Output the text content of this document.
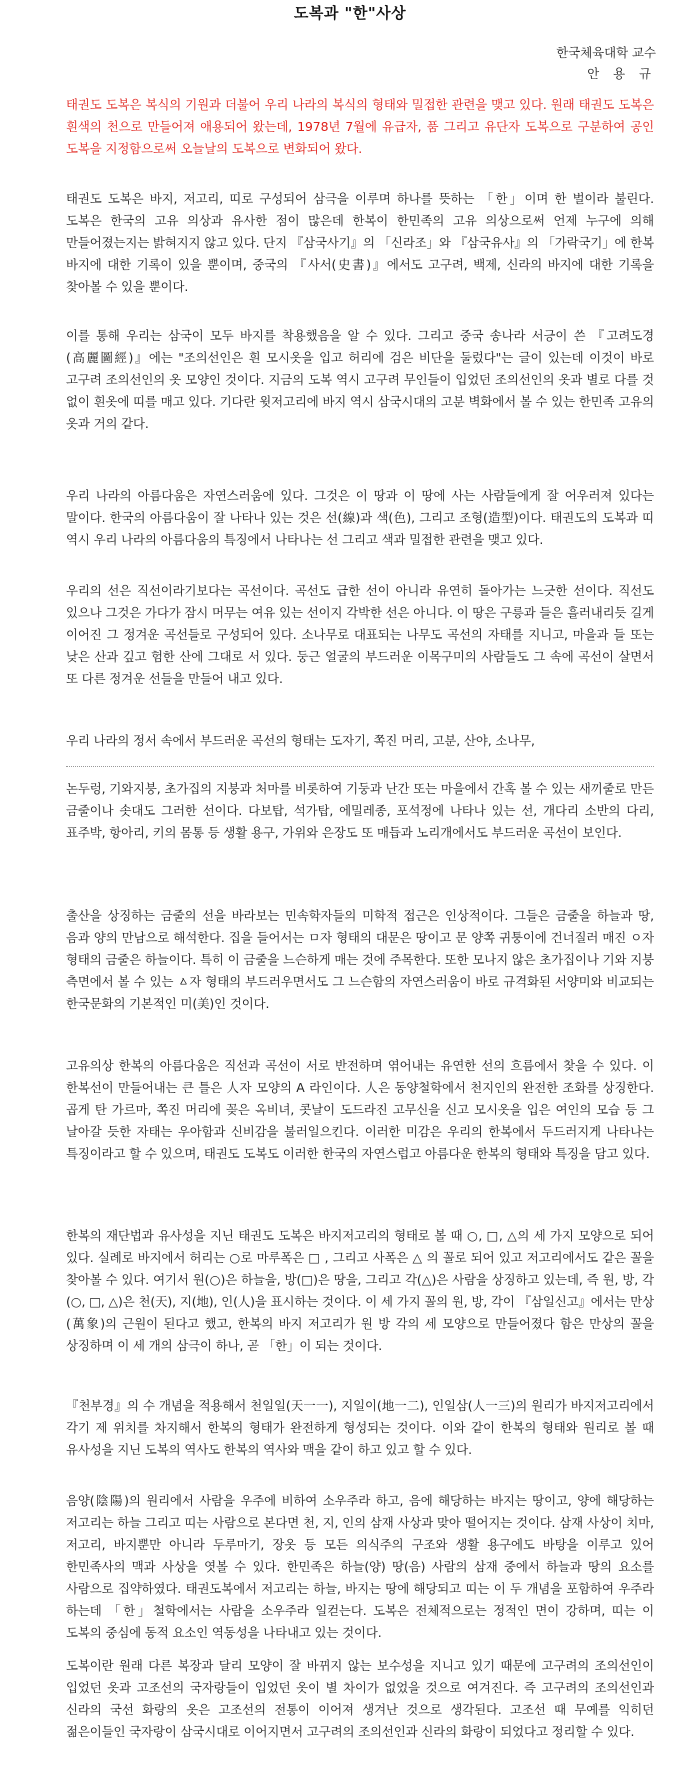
도복과 "한"사상
한국체육대학 교수
안 용 규

태권도 도복은 복식의 기원과 더불어 우리 나라의 복식의 형태와 밀접한 관련을 맺고 있다. 원래 태권도 도복은 흰색의 천으로 만들어져 애용되어 왔는데, 1978년 7월에 유급자, 품 그리고 유단자 도복으로 구분하여 공인 도복을 지정함으로써 오늘날의 도복으로 변화되어 왔다.

태권도 도복은 바지, 저고리, 띠로 구성되어 삼극을 이루며 하나를 뜻하는 「한」이며 한 벌이라 불린다. 도복은 한국의 고유 의상과 유사한 점이 많은데 한복이 한민족의 고유 의상으로써 언제 누구에 의해 만들어졌는지는 밝혀지지 않고 있다. 단지 『삼국사기』의 「신라조」와 『삼국유사』의 「가락국기」에 한복 바지에 대한 기록이 있을 뿐이며, 중국의 『사서(史書)』에서도 고구려, 백제, 신라의 바지에 대한 기록을 찾아볼 수 있을 뿐이다.

이를 통해 우리는 삼국이 모두 바지를 착용했음을 알 수 있다. 그리고 중국 송나라 서긍이 쓴 『고려도경(高麗圖經)』에는 "조의선인은 흰 모시옷을 입고 허리에 검은 비단을 둘렀다"는 글이 있는데 이것이 바로 고구려 조의선인의 옷 모양인 것이다. 지금의 도복 역시 고구려 무인들이 입었던 조의선인의 옷과 별로 다를 것 없이 흰옷에 띠를 매고 있다. 기다란 윗저고리에 바지 역시 삼국시대의 고분 벽화에서 볼 수 있는 한민족 고유의 옷과 거의 같다.

우리 나라의 아름다움은 자연스러움에 있다. 그것은 이 땅과 이 땅에 사는 사람들에게 잘 어우러져 있다는 말이다. 한국의 아름다움이 잘 나타나 있는 것은 선(線)과 색(色), 그리고 조형(造型)이다. 태권도의 도복과 띠 역시 우리 나라의 아름다움의 특징에서 나타나는 선 그리고 색과 밀접한 관련을 맺고 있다.

우리의 선은 직선이라기보다는 곡선이다. 곡선도 급한 선이 아니라 유연히 돌아가는 느긋한 선이다. 직선도 있으나 그것은 가다가 잠시 머무는 여유 있는 선이지 각박한 선은 아니다. 이 땅은 구릉과 들은 흘러내리듯 길게 이어진 그 정겨운 곡선들로 구성되어 있다. 소나무로 대표되는 나무도 곡선의 자태를 지니고, 마을과 들 또는 낮은 산과 깊고 험한 산에 그대로 서 있다. 둥근 얼굴의 부드러운 이목구미의 사람들도 그 속에 곡선이 살면서 또 다른 정겨운 선들을 만들어 내고 있다.

우리 나라의 정서 속에서 부드러운 곡선의 형태는 도자기, 쪽진 머리, 고분, 산야, 소나무,

논두렁, 기와지붕, 초가집의 지붕과 처마를 비롯하여 기둥과 난간 또는 마을에서 간혹 볼 수 있는 새끼줄로 만든 금줄이나 솟대도 그러한 선이다. 다보탑, 석가탑, 에밀레종, 포석정에 나타나 있는 선, 개다리 소반의 다리, 표주박, 항아리, 키의 몸통 등 생활 용구, 가위와 은장도 또 매듭과 노리개에서도 부드러운 곡선이 보인다.

출산을 상징하는 금줄의 선을 바라보는 민속학자들의 미학적 접근은 인상적이다. 그들은 금줄을 하늘과 땅, 음과 양의 만남으로 해석한다. 집을 들어서는 ㅁ자 형태의 대문은 땅이고 문 양쪽 귀퉁이에 건너질러 매진 ㅇ자 형태의 금줄은 하늘이다. 특히 이 금줄을 느슨하게 매는 것에 주목한다. 또한 모나지 않은 초가집이나 기와 지붕 측면에서 볼 수 있는 ㅿ자 형태의 부드러우면서도 그 느슨함의 자연스러움이 바로 규격화된 서양미와 비교되는 한국문화의 기본적인 미(美)인 것이다.

고유의상 한복의 아름다움은 직선과 곡선이 서로 반전하며 엮어내는 유연한 선의 흐름에서 찾을 수 있다. 이 한복선이 만들어내는 큰 틀은 人자 모양의 A 라인이다. 人은 동양철학에서 천지인의 완전한 조화를 상징한다. 곱게 탄 가르마, 쪽진 머리에 꽂은 옥비녀, 콧날이 도드라진 고무신을 신고 모시옷을 입은 여인의 모습 등 그 날아갈 듯한 자태는 우아함과 신비감을 불러일으킨다. 이러한 미감은 우리의 한복에서 두드러지게 나타나는 특징이라고 할 수 있으며, 태권도 도복도 이러한 한국의 자연스럽고 아름다운 한복의 형태와 특징을 담고 있다.

한복의 재단법과 유사성을 지닌 태권도 도복은 바지저고리의 형태로 볼 때 ○, □, △의 세 가지 모양으로 되어 있다. 실례로 바지에서 허리는 ○로 마루폭은 □ , 그리고 사폭은 △ 의 꼴로 되어 있고 저고리에서도 같은 꼴을 찾아볼 수 있다. 여기서 원(○)은 하늘을, 방(□)은 땅을, 그리고 각(△)은 사람을 상징하고 있는데, 즉 원, 방, 각(○, □, △)은 천(天), 지(地), 인(人)을 표시하는 것이다. 이 세 가지 꼴의 원, 방, 각이 『삼일신고』에서는 만상(萬象)의 근원이 된다고 했고, 한복의 바지 저고리가 원 방 각의 세 모양으로 만들어졌다 함은 만상의 꼴을 상징하며 이 세 개의 삼극이 하나, 곧 「한」이 되는 것이다.

『천부경』의 수 개념을 적용해서 천일일(天一一), 지일이(地一二), 인일삼(人一三)의 원리가 바지저고리에서 각기 제 위치를 차지해서 한복의 형태가 완전하게 형성되는 것이다. 이와 같이 한복의 형태와 원리로 볼 때 유사성을 지닌 도복의 역사도 한복의 역사와 맥을 같이 하고 있고 할 수 있다.

음양(陰陽)의 원리에서 사람을 우주에 비하여 소우주라 하고, 음에 해당하는 바지는 땅이고, 양에 해당하는 저고리는 하늘 그리고 띠는 사람으로 본다면 천, 지, 인의 삼재 사상과 맞아 떨어지는 것이다. 삼재 사상이 치마, 저고리, 바지뿐만 아니라 두루마기, 장옷 등 모든 의식주의 구조와 생활 용구에도 바탕을 이루고 있어 한민족사의 맥과 사상을 엿볼 수 있다. 한민족은 하늘(양) 땅(음) 사람의 삼재 중에서 하늘과 땅의 요소를 사람으로 집약하였다. 태권도복에서 저고리는 하늘, 바지는 땅에 해당되고 띠는 이 두 개념을 포함하여 우주라 하는데 「한」철학에서는 사람을 소우주라 일컫는다. 도복은 전체적으로는 정적인 면이 강하며, 띠는 이 도복의 중심에 동적 요소인 역동성을 나타내고 있는 것이다.

도복이란 원래 다른 복장과 달리 모양이 잘 바뀌지 않는 보수성을 지니고 있기 때문에 고구려의 조의선인이 입었던 옷과 고조선의 국자랑들이 입었던 옷이 별 차이가 없었을 것으로 여겨진다. 즉 고구려의 조의선인과 신라의 국선 화랑의 옷은 고조선의 전통이 이어져 생겨난 것으로 생각된다. 고조선 때 무예를 익히던 젊은이들인 국자랑이 삼국시대로 이어지면서 고구려의 조의선인과 신라의 화랑이 되었다고 정리할 수 있다.
